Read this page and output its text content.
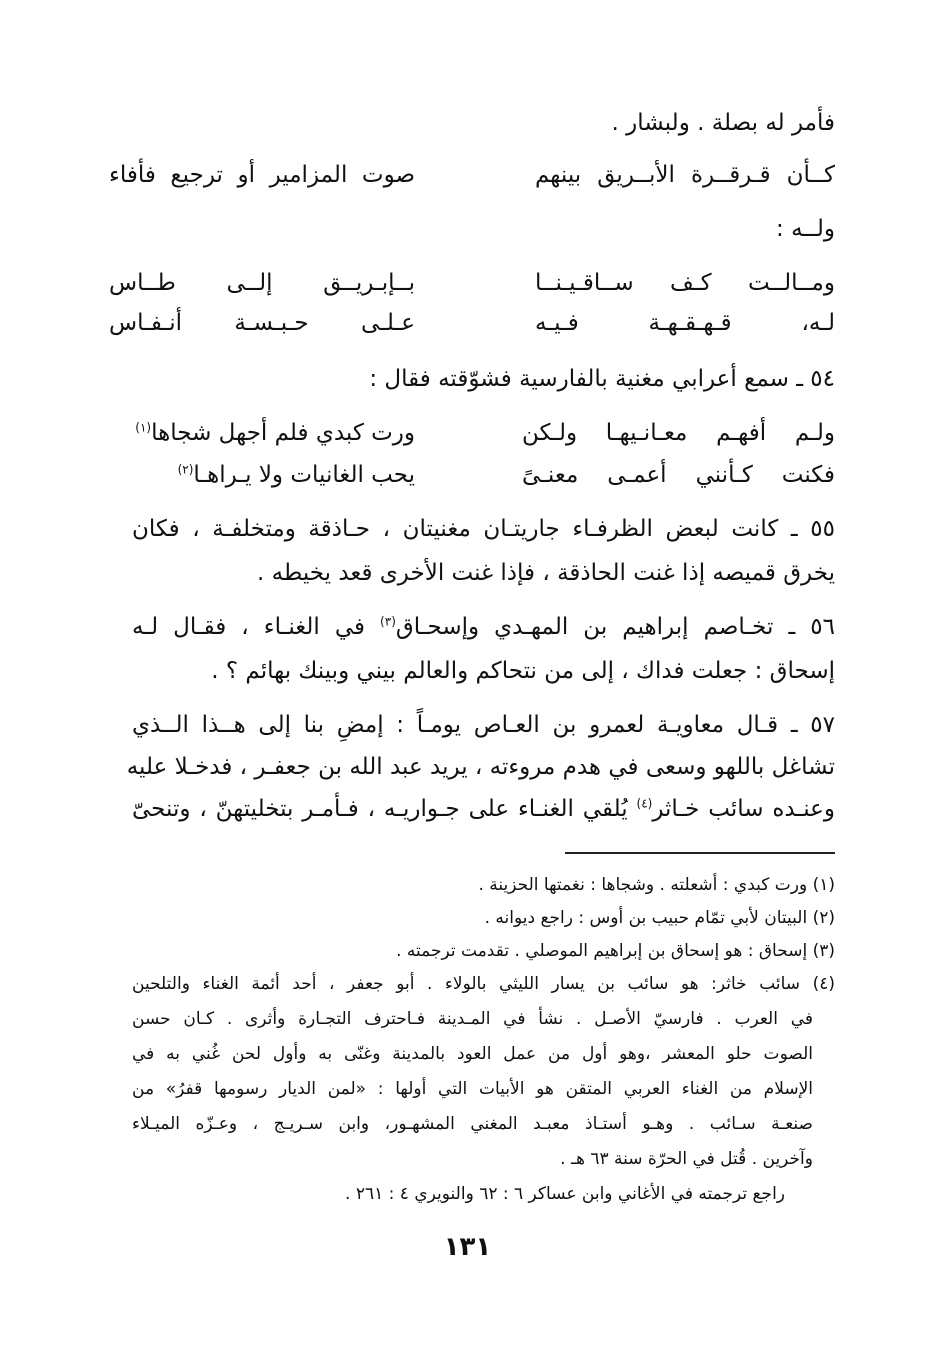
فأمر له بصلة . ولبشار .
كــأن قـرقــرة الأبــريق بينهم
صوت المزامير أو ترجيع فأفاء
ولــه :
ومــالــت كـف ســاقـيـنــا
بــإبـريــق إلــى طــاس
لـه، قـهـقـهـة فـيـه
عـلـى حـبـسـة أنـفـاس
٥٤ ـ سمع أعرابي مغنية بالفارسية فشوّقته فقال :
ولـم أفهـم معـانـيهـا ولـكن
ورت كبدي فلم أجهل شجاها$^{(١)}$
فكنت كـأنني أعمـى معنـىً
يحب الغانيات ولا يـراهـا$^{(٢)}$
٥٥ ـ كانت لبعض الظرفـاء جاريتـان مغنيتان ، حـاذقة ومتخلفـة ، فكان
يخرق قميصه إذا غنت الحاذقة ، فإذا غنت الأخرى قعد يخيطه .
٥٦ ـ تخـاصم إبراهيم بن المهـدي وإسحـاق$^{(٣)}$ في الغنـاء ، فقـال لـه
إسحاق : جعلت فداك ، إلى من نتحاكم والعالم بيني وبينك بهائم ؟ .
٥٧ ـ قـال معاويـة لعمرو بن العـاص يومـاً : إمضِ بنا إلى هــذا الــذي
تشاغل باللهو وسعى في هدم مروءته ، يريد عبد الله بن جعفـر ، فدخـلا عليه
وعنـده سائب خـاثر$^{(٤)}$ يُلقي الغنـاء على جـواريـه ، فـأمـر بتخليتهنّ ، وتنحىّ
(١) ورت كبدي : أشعلته . وشجاها : نغمتها الحزينة .
(٢) البيتان لأبي تمّام حبيب بن أوس : راجع ديوانه .
(٣) إسحاق : هو إسحاق بن إبراهيم الموصلي . تقدمت ترجمته .
(٤) سائب خاثر: هو سائب بن يسار الليثي بالولاء . أبو جعفر ، أحد أئمة الغناء والتلحين
في العرب . فارسيّ الأصـل . نشأ في المـدينة فـاحترف التجـارة وأثرى . كـان حسن
الصوت حلو المعشر ،وهو أول من عمل العود بالمدينة وغنّى به وأول لحن غُني به في
الإسلام من الغناء العربي المتقن هو الأبيات التي أولها : «لمن الديار رسومها قفرُ» من
صنعـة سـائب . وهـو أستـاذ معبـد المغني المشهـور، وابن سـريـج ، وعـزّه الميـلاء
وآخرين . قُتل في الحرّة سنة ٦٣ هـ .
راجع ترجمته في الأغاني وابن عساكر ٦ : ٦٢ والنويري ٤ : ٢٦١ .
١٣١
